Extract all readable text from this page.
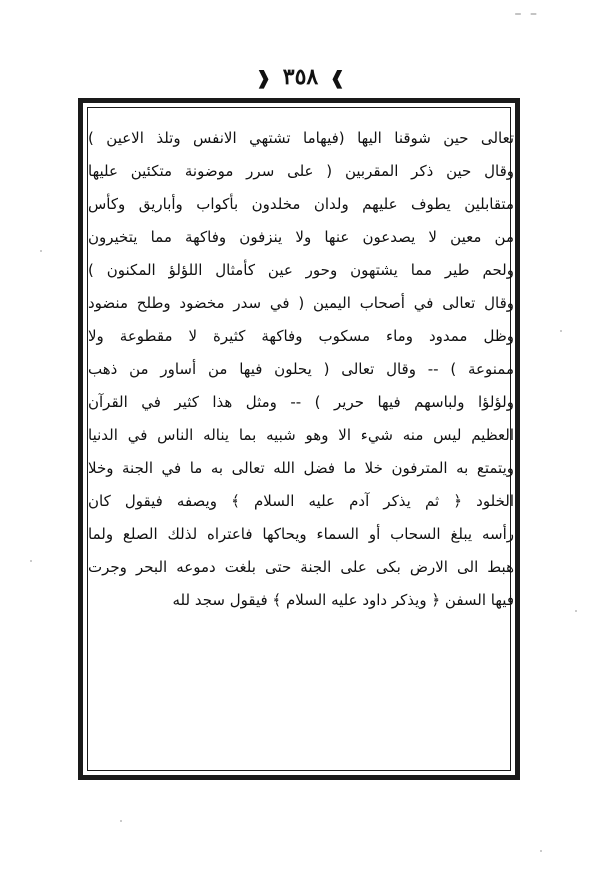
– –
❱ ٣٥٨ ❰
تعالى حين شوقنا اليها (فيهاما تشتهي الانفس وتلذ الاعين )
وقال حين ذكر المقربين ( على سرر موضونة متكئين عليها
متقابلين يطوف عليهم ولدان مخلدون بأكواب وأباريق وكأس
من معين لا يصدعون عنها ولا ينزفون وفاكهة مما يتخيرون
ولحم طير مما يشتهون وحور عين كأمثال اللؤلؤ المكنون )
وقال تعالى في أصحاب اليمين ( في سدر مخضود وطلح منضود
وظل ممدود وماء مسكوب وفاكهة كثيرة لا مقطوعة ولا
ممنوعة ) -- وقال تعالى ( يحلون فيها من أساور من ذهب
ولؤلؤا ولباسهم فيها حرير ) -- ومثل هذا كثير في القرآن
العظيم ليس منه شيء الا وهو شبيه بما يناله الناس في الدنيا
ويتمتع به المترفون خلا ما فضل الله تعالى به ما في الجنة وخلا
الخلود ﴿ ثم يذكر آدم عليه السلام ﴾ ويصفه فيقول كان
رأسه يبلغ السحاب أو السماء ويحاكها فاعتراه لذلك الصلع ولما
هبط الى الارض بكى على الجنة حتى بلغت دموعه البحر وجرت
فيها السفن ﴿ ويذكر داود عليه السلام ﴾ فيقول سجد لله
